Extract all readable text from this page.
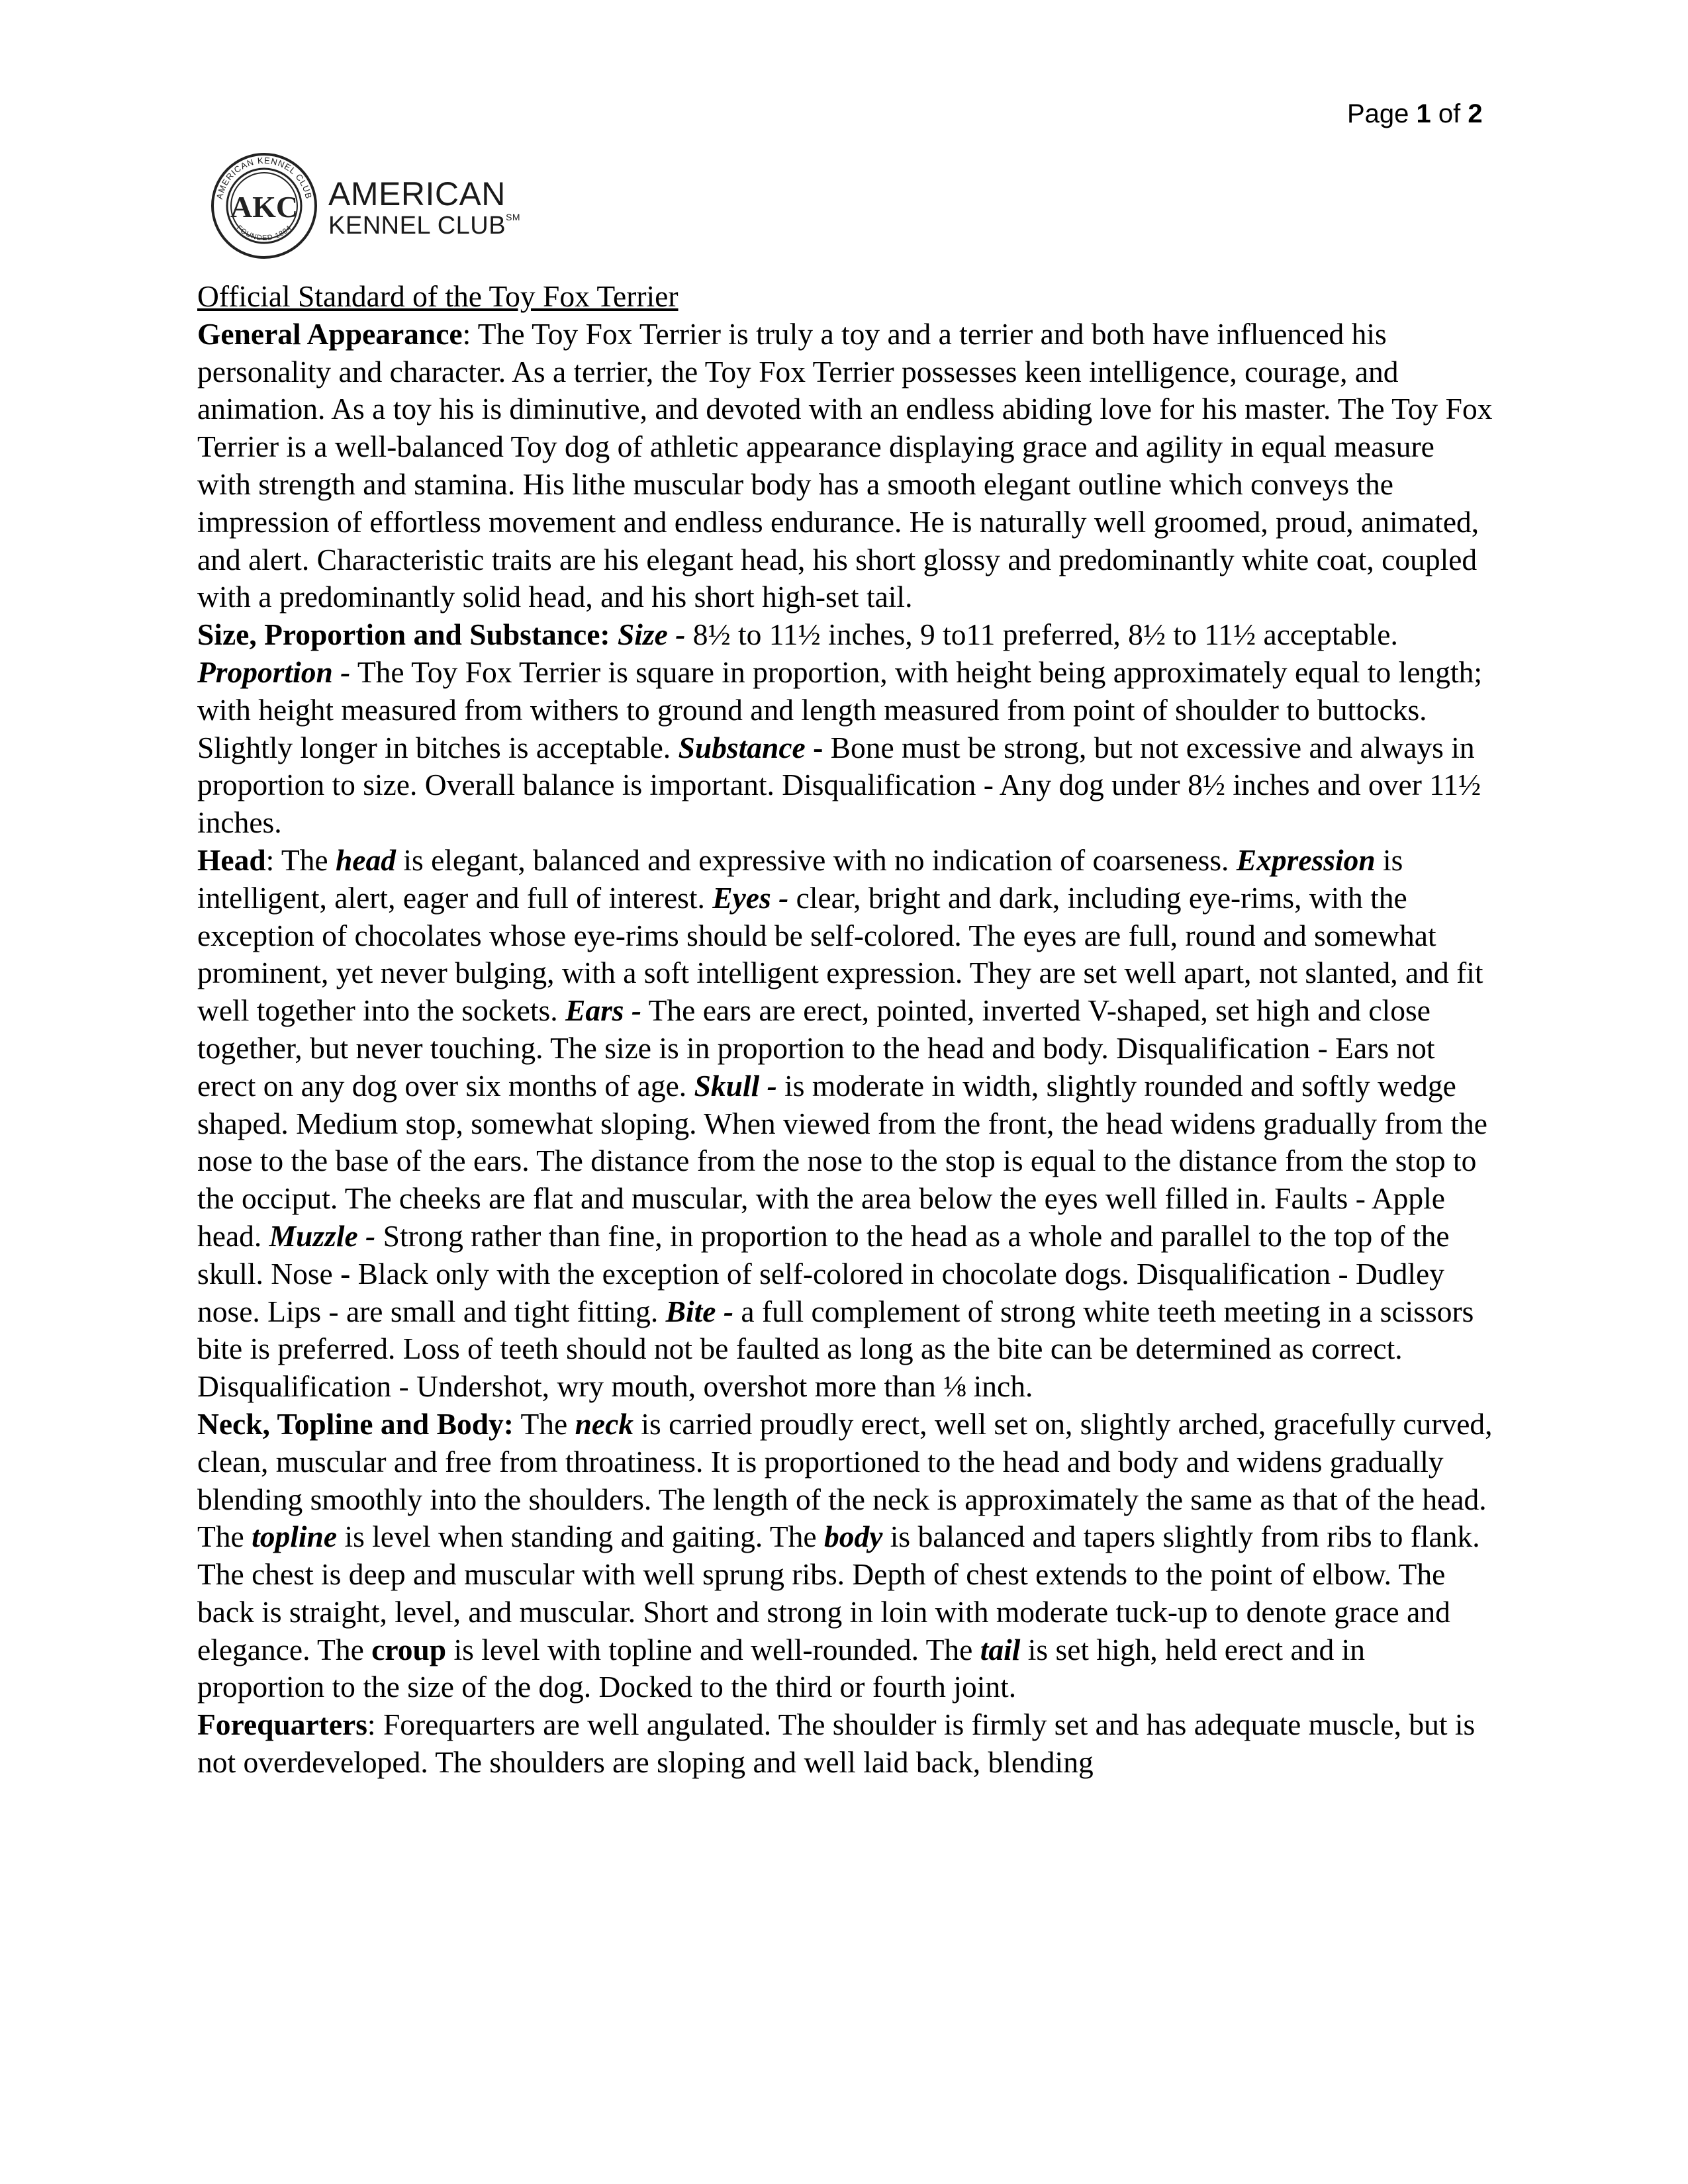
Page 1 of 2
AMERICAN KENNEL CLUB
FOUNDED 1884
AKC AMERICAN
KENNEL CLUB℠

Official Standard of the Toy Fox Terrier

General Appearance: The Toy Fox Terrier is truly a toy and a terrier and both have influenced his personality and character. As a terrier, the Toy Fox Terrier possesses keen intelligence, courage, and animation. As a toy his is diminutive, and devoted with an endless abiding love for his master. The Toy Fox Terrier is a well-balanced Toy dog of athletic appearance displaying grace and agility in equal measure with strength and stamina. His lithe muscular body has a smooth elegant outline which conveys the impression of effortless movement and endless endurance. He is naturally well groomed, proud, animated, and alert. Characteristic traits are his elegant head, his short glossy and predominantly white coat, coupled with a predominantly solid head, and his short high-set tail.

Size, Proportion and Substance: Size - 8½ to 11½ inches, 9 to11 preferred, 8½ to 11½ acceptable. Proportion - The Toy Fox Terrier is square in proportion, with height being approximately equal to length; with height measured from withers to ground and length measured from point of shoulder to buttocks. Slightly longer in bitches is acceptable. Substance - Bone must be strong, but not excessive and always in proportion to size. Overall balance is important. Disqualification - Any dog under 8½ inches and over 11½ inches.

Head: The head is elegant, balanced and expressive with no indication of coarseness. Expression is intelligent, alert, eager and full of interest. Eyes - clear, bright and dark, including eye-rims, with the exception of chocolates whose eye-rims should be self-colored. The eyes are full, round and somewhat prominent, yet never bulging, with a soft intelligent expression. They are set well apart, not slanted, and fit well together into the sockets. Ears - The ears are erect, pointed, inverted V-shaped, set high and close together, but never touching. The size is in proportion to the head and body. Disqualification - Ears not erect on any dog over six months of age. Skull - is moderate in width, slightly rounded and softly wedge shaped. Medium stop, somewhat sloping. When viewed from the front, the head widens gradually from the nose to the base of the ears. The distance from the nose to the stop is equal to the distance from the stop to the occiput. The cheeks are flat and muscular, with the area below the eyes well filled in. Faults - Apple head. Muzzle - Strong rather than fine, in proportion to the head as a whole and parallel to the top of the skull. Nose - Black only with the exception of self-colored in chocolate dogs. Disqualification - Dudley nose. Lips - are small and tight fitting. Bite - a full complement of strong white teeth meeting in a scissors bite is preferred. Loss of teeth should not be faulted as long as the bite can be determined as correct. Disqualification - Undershot, wry mouth, overshot more than ⅛ inch.

Neck, Topline and Body: The neck is carried proudly erect, well set on, slightly arched, gracefully curved, clean, muscular and free from throatiness. It is proportioned to the head and body and widens gradually blending smoothly into the shoulders. The length of the neck is approximately the same as that of the head. The topline is level when standing and gaiting. The body is balanced and tapers slightly from ribs to flank. The chest is deep and muscular with well sprung ribs. Depth of chest extends to the point of elbow. The back is straight, level, and muscular. Short and strong in loin with moderate tuck-up to denote grace and elegance. The croup is level with topline and well-rounded. The tail is set high, held erect and in proportion to the size of the dog. Docked to the third or fourth joint.

Forequarters: Forequarters are well angulated. The shoulder is firmly set and has adequate muscle, but is not overdeveloped. The shoulders are sloping and well laid back, blending
